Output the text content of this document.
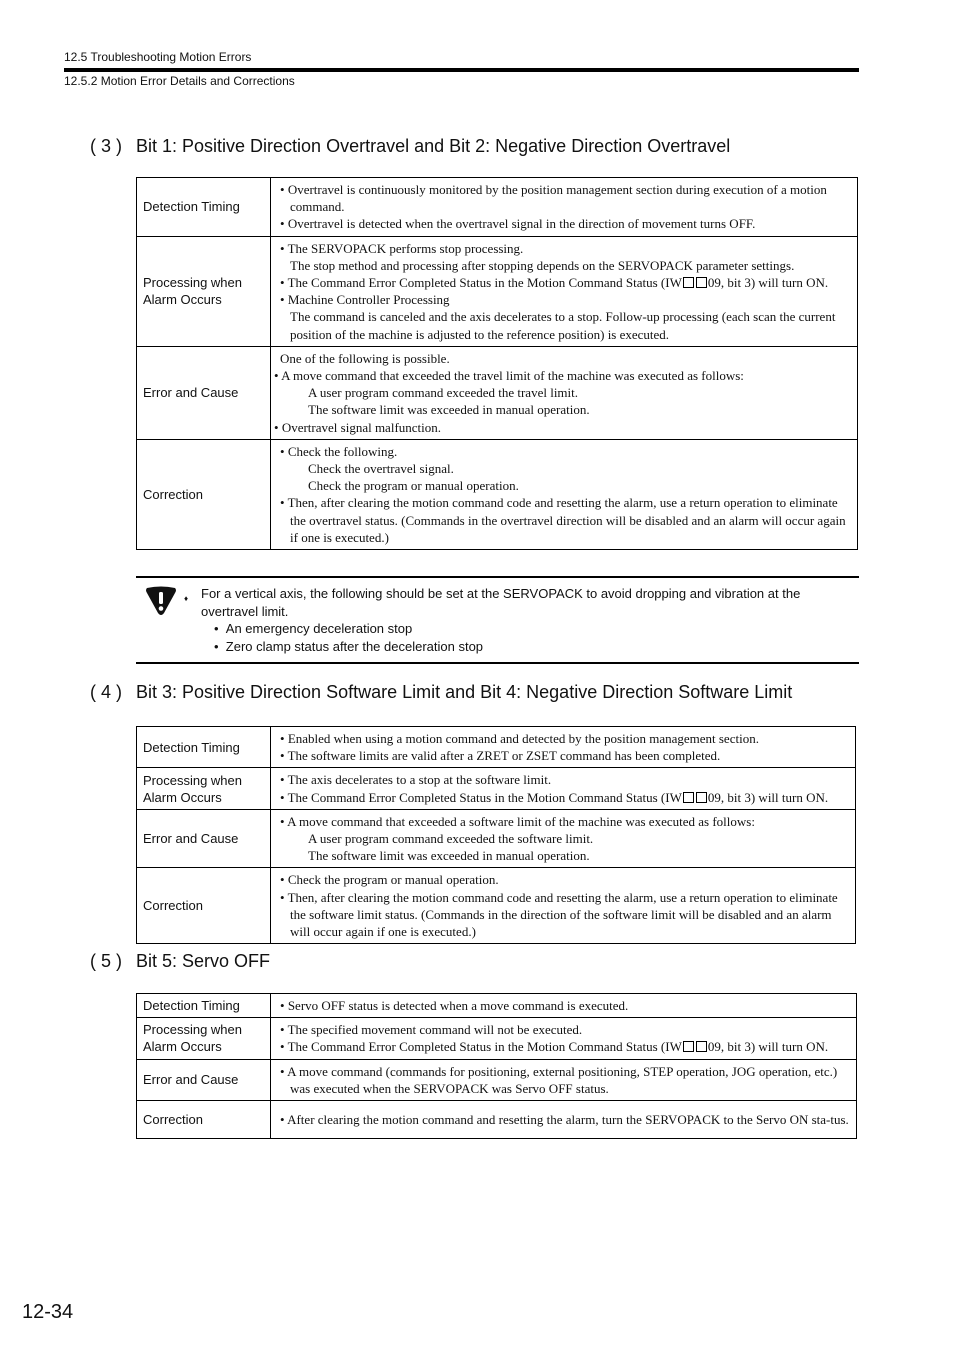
12.5 Troubleshooting Motion Errors
12.5.2 Motion Error Details and Corrections
( 3 ) Bit 1: Positive Direction Overtravel and Bit 2: Negative Direction Overtravel
Detection Timing	• Overtravel is continuously monitored by the position management section during execution of a motion command.
• Overtravel is detected when the overtravel signal in the direction of movement turns OFF.

Processing when Alarm Occurs	• The SERVOPACK performs stop processing.
The stop method and processing after stopping depends on the SERVOPACK parameter settings.
• The Command Error Completed Status in the Motion Command Status (IW 09, bit 3) will turn ON.
• Machine Controller Processing
The command is canceled and the axis decelerates to a stop. Follow-up processing (each scan the current position of the machine is adjusted to the reference position) is executed.

Error and Cause	One of the following is possible.
• A move command that exceeded the travel limit of the machine was executed as follows:
A user program command exceeded the travel limit.
The software limit was exceeded in manual operation.
• Overtravel signal malfunction.
Correction	• Check the following.
Check the overtravel signal.
Check the program or manual operation.
• Then, after clearing the motion command code and resetting the alarm, use a return operation to eliminate the overtravel status. (Commands in the overtravel direction will be disabled and an alarm will occur again if one is executed.)
♦ For a vertical axis, the following should be set at the SERVOPACK to avoid dropping and vibration at the overtravel limit.
•  An emergency deceleration stop
•  Zero clamp status after the deceleration stop
( 4 ) Bit 3: Positive Direction Software Limit and Bit 4: Negative Direction Software Limit
Detection Timing	• Enabled when using a motion command and detected by the position management section.
• The software limits are valid after a ZRET or ZSET command has been completed.

Processing when Alarm Occurs	• The axis decelerates to a stop at the software limit.
• The Command Error Completed Status in the Motion Command Status (IW 09, bit 3) will turn ON.

Error and Cause	• A move command that exceeded a software limit of the machine was executed as follows:
A user program command exceeded the software limit.
The software limit was exceeded in manual operation.

Correction	• Check the program or manual operation.
• Then, after clearing the motion command code and resetting the alarm, use a return operation to eliminate the software limit status. (Commands in the direction of the software limit will be disabled and an alarm will occur again if one is executed.)
( 5 ) Bit 5: Servo OFF
Detection Timing	• Servo OFF status is detected when a move command is executed.

Processing when Alarm Occurs	• The specified movement command will not be executed.
• The Command Error Completed Status in the Motion Command Status (IW 09, bit 3) will turn ON.

Error and Cause	• A move command (commands for positioning, external positioning, STEP operation, JOG operation, etc.) was executed when the SERVOPACK was Servo OFF status.

Correction	• After clearing the motion command and resetting the alarm, turn the SERVOPACK to the Servo ON sta-tus.
12-34
